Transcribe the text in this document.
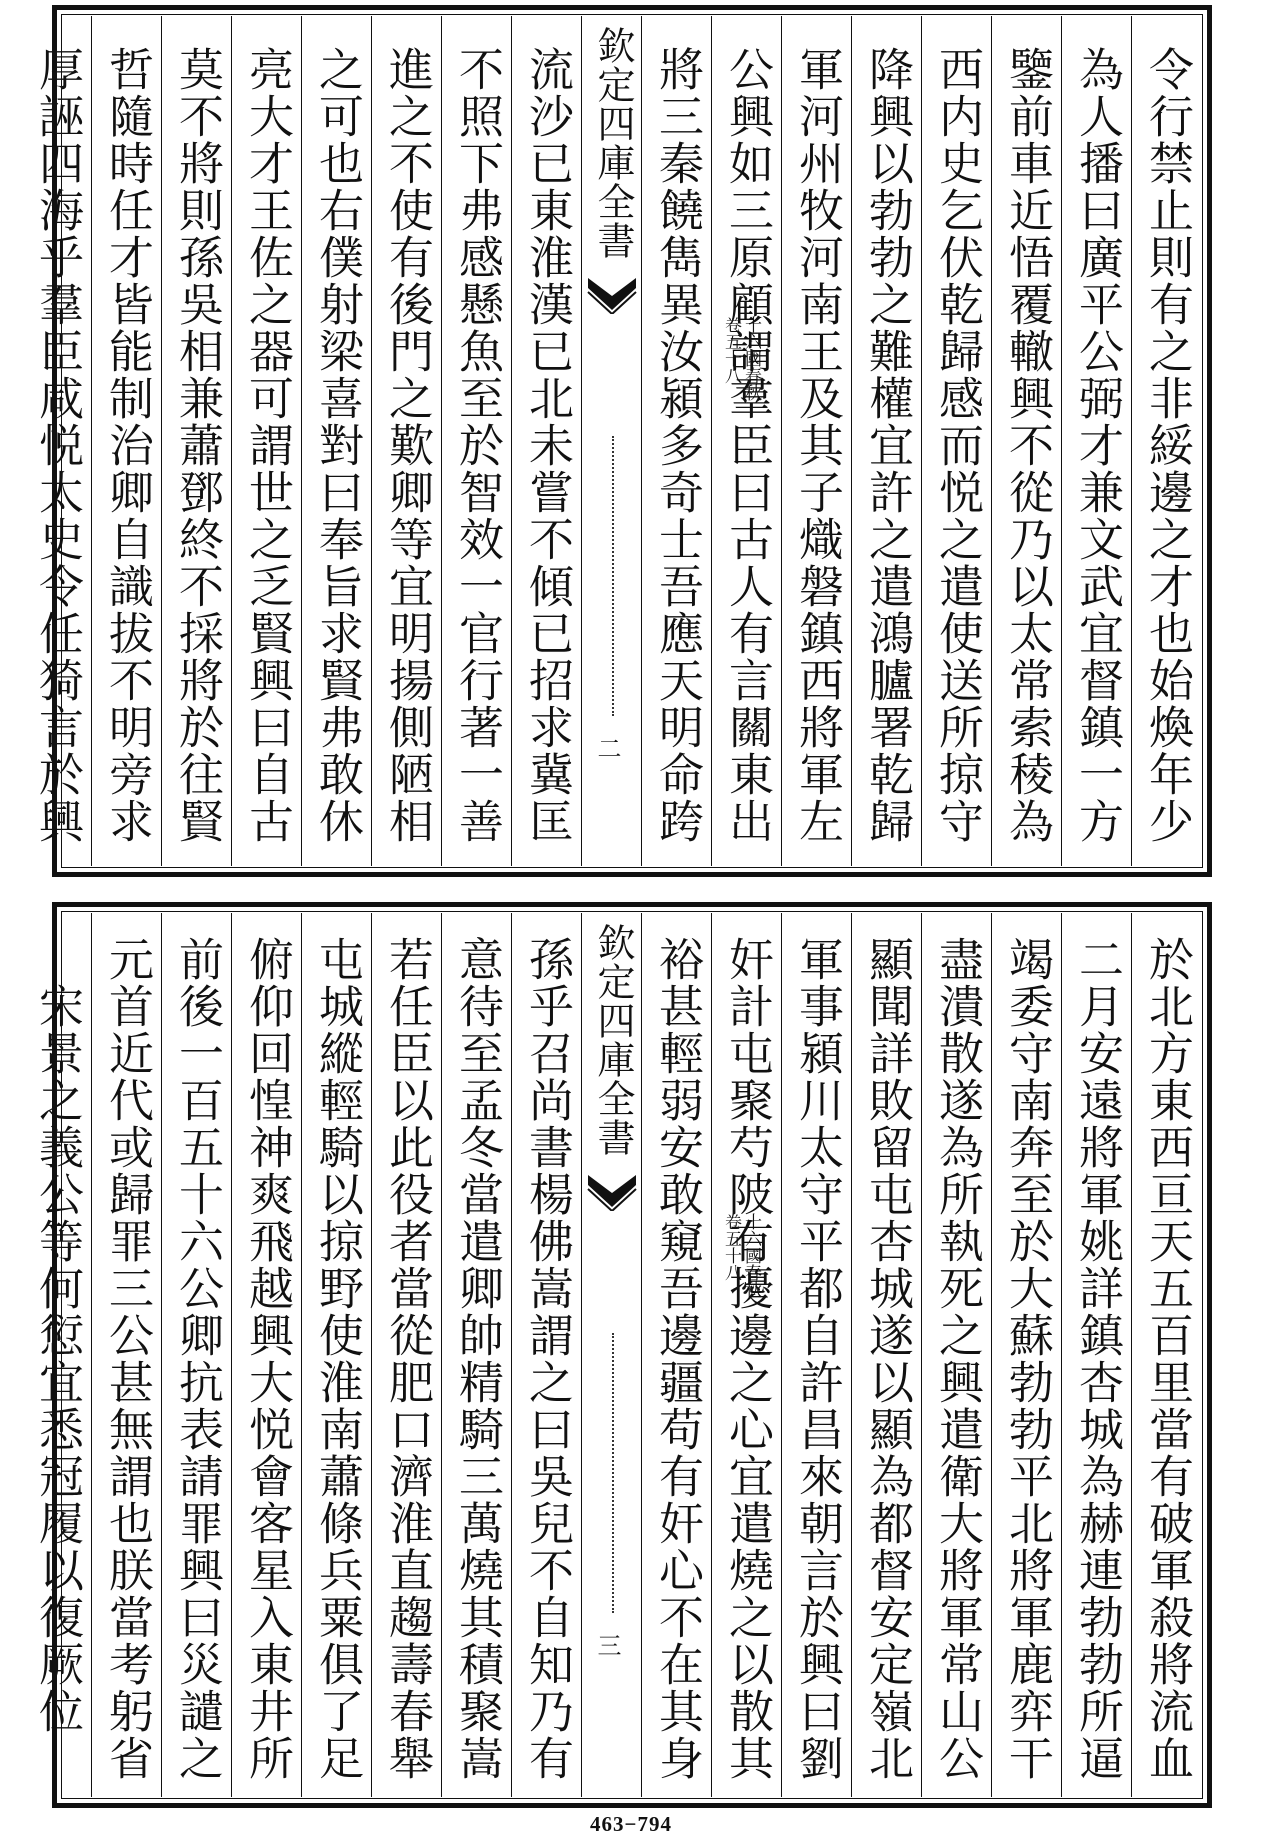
令行禁止則有之非綏邊之才也始煥年少
為人播曰廣平公弼才兼文武宜督鎮一方
鑒前車近悟覆轍興不從乃以太常索稜為
西内史乞伏乾歸感而悦之遣使送所掠守
降興以勃勃之難權宜許之遣鴻臚署乾歸
軍河州牧河南王及其子熾磐鎮西將軍左
公興如三原顧謂羣臣曰古人有言關東出
將三秦饒雋異汝潁多奇士吾應天明命跨
欽定四庫全書
十六國春秋
卷五十八
二
流沙已東淮漢已北未嘗不傾已招求冀匡
不照下弗感懸魚至於智效一官行著一善
進之不使有後門之歎卿等宜明揚側陋相
之可也右僕射梁喜對曰奉旨求賢弗敢休
亮大才王佐之器可謂世之乏賢興曰自古
莫不將則孫吳相兼蕭鄧終不採將於往賢
哲隨時任才皆能制治卿自識拔不明旁求
厚誣四海乎羣臣咸悦太史令任猗言於興
於北方東西亘天五百里當有破軍殺將流血
二月安遠將軍姚詳鎮杏城為赫連勃勃所逼
竭委守南奔至於大蘇勃勃平北將軍鹿弈干
盡潰散遂為所執死之興遣衛大將軍常山公
顯聞詳敗留屯杏城遂以顯為都督安定嶺北
軍事潁川太守平都自許昌來朝言於興曰劉
奸計屯聚芍陂有擾邊之心宜遣燒之以散其
裕甚輕弱安敢窺吾邊疆苟有奸心不在其身
欽定四庫全書
十六國春秋
卷五十八
三
孫乎召尚書楊佛嵩謂之曰吳兒不自知乃有
意待至孟冬當遣卿帥精騎三萬燒其積聚嵩
若任臣以此役者當從肥口濟淮直趨壽春舉
屯城縱輕騎以掠野使淮南蕭條兵粟俱了足
俯仰回惶神爽飛越興大悦會客星入東井所
前後一百五十六公卿抗表請罪興曰災譴之
元首近代或歸罪三公甚無謂也朕當考躬省
宋景之義公等何愆宜悉冠履以復厥位
463−794
